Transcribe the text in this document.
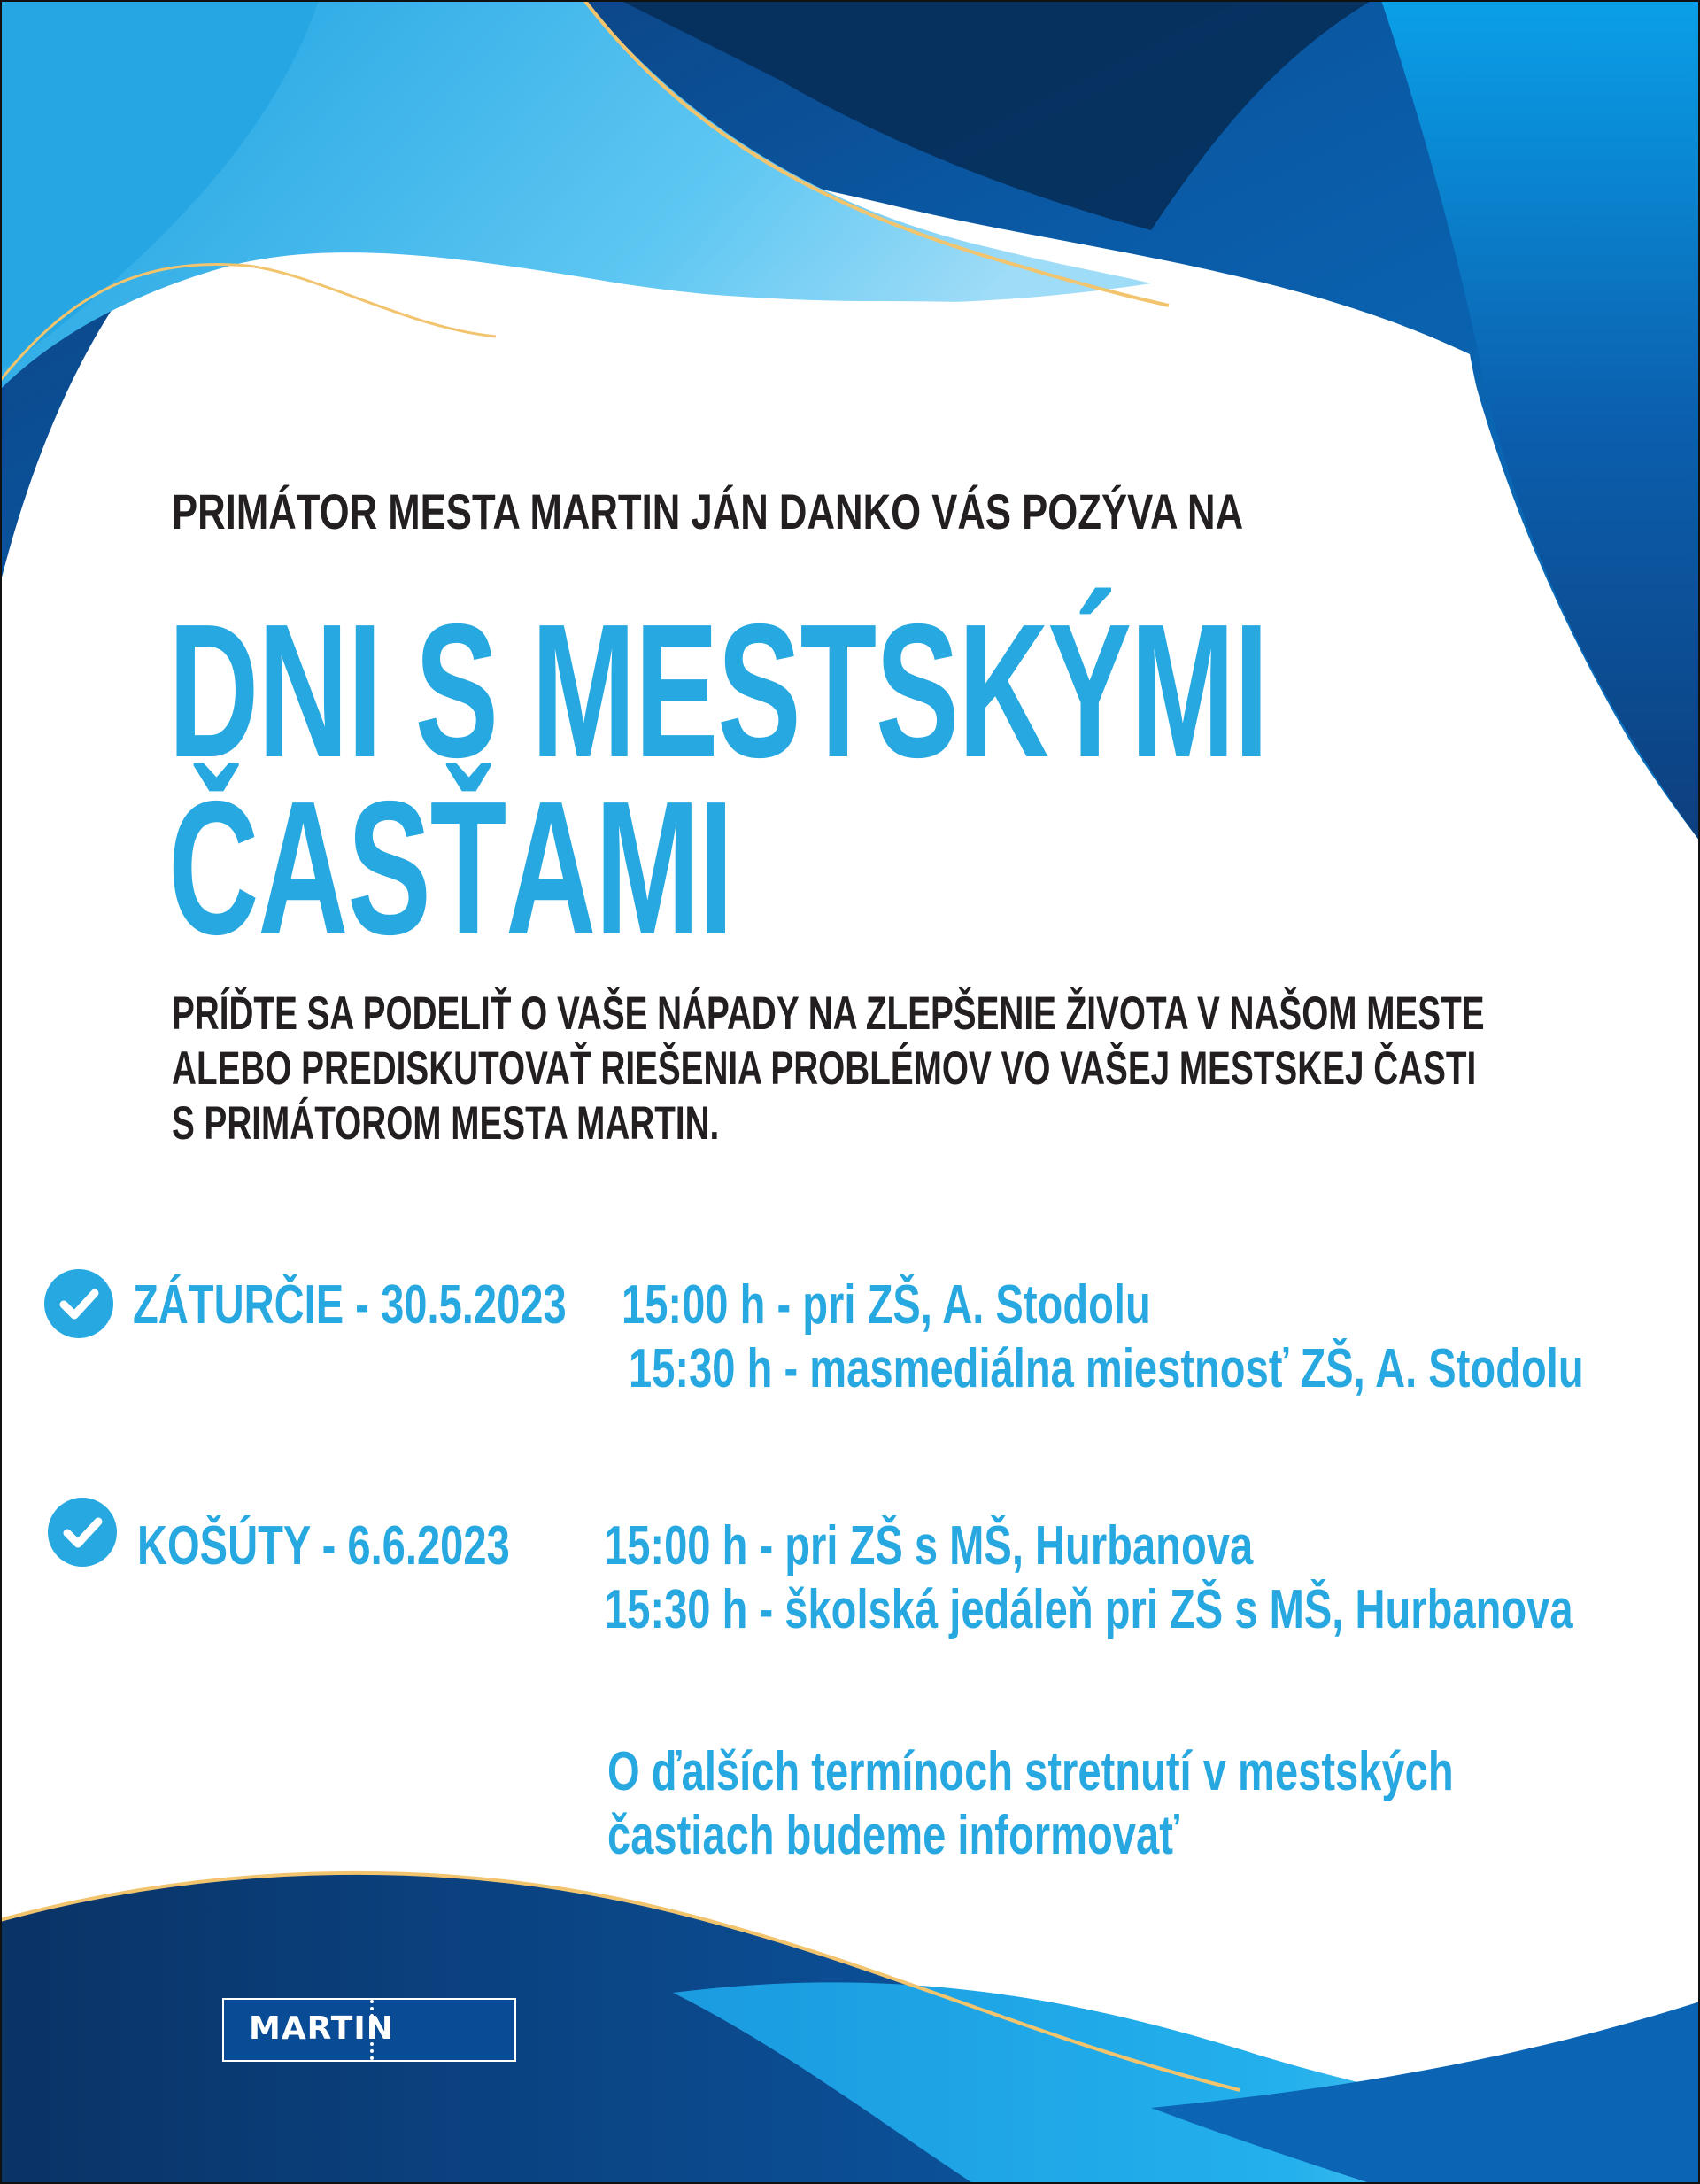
PRIMÁTOR MESTA MARTIN JÁN DANKO VÁS POZÝVA NA
DNI S MESTSKÝMI
ČASŤAMI
PRÍĎTE SA PODELIŤ O VAŠE NÁPADY NA ZLEPŠENIE ŽIVOTA V NAŠOM MESTE
ALEBO PREDISKUTOVAŤ RIEŠENIA PROBLÉMOV VO VAŠEJ MESTSKEJ ČASTI
S PRIMÁTOROM MESTA MARTIN.
ZÁTURČIE - 30.5.2023 15:00 h - pri ZŠ, A. Stodolu
15:30 h - masmediálna miestnosť ZŠ, A. Stodolu
KOŠÚTY - 6.6.2023 15:00 h - pri ZŠ s MŠ, Hurbanova
15:30 h - školská jedáleň pri ZŠ s MŠ, Hurbanova
O ďalších termínoch stretnutí v mestských
častiach budeme informovať
MARTIN
